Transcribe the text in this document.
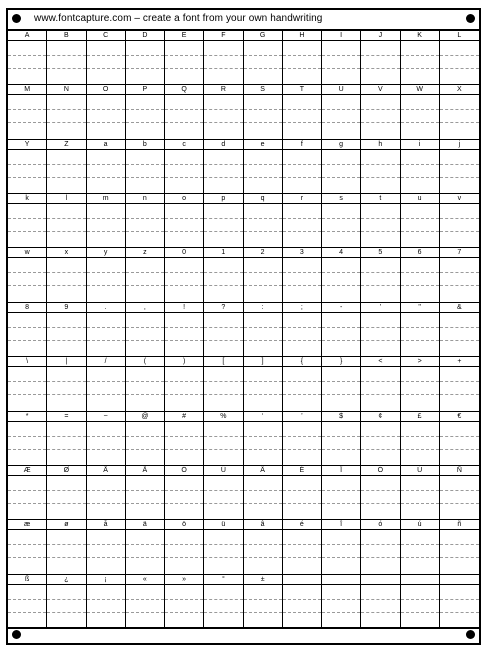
www.fontcapture.com – create a font from your own handwriting
A	B	C	D	E	F	G	H	I	J	K	L
M	N	O	P	Q	R	S	T	U	V	W	X
Y	Z	a	b	c	d	e	f	g	h	i	j
k	l	m	n	o	p	q	r	s	t	u	v
w	x	y	z	0	1	2	3	4	5	6	7
8	9	.	,	!	?	:	;	-	'	"	&
\	|	/	(	)	[	]	{	}	<	>	+
*	=	~	@	#	%	‘	’	$	¢	£	€
Æ	Ø	Å	Ä	Ö	Ü	Â	É	Î	Ó	Ú	Ñ
æ	ø	å	ä	ö	ü	â	é	î	ó	ú	ñ
ß	¿	¡	«	»	°	±
